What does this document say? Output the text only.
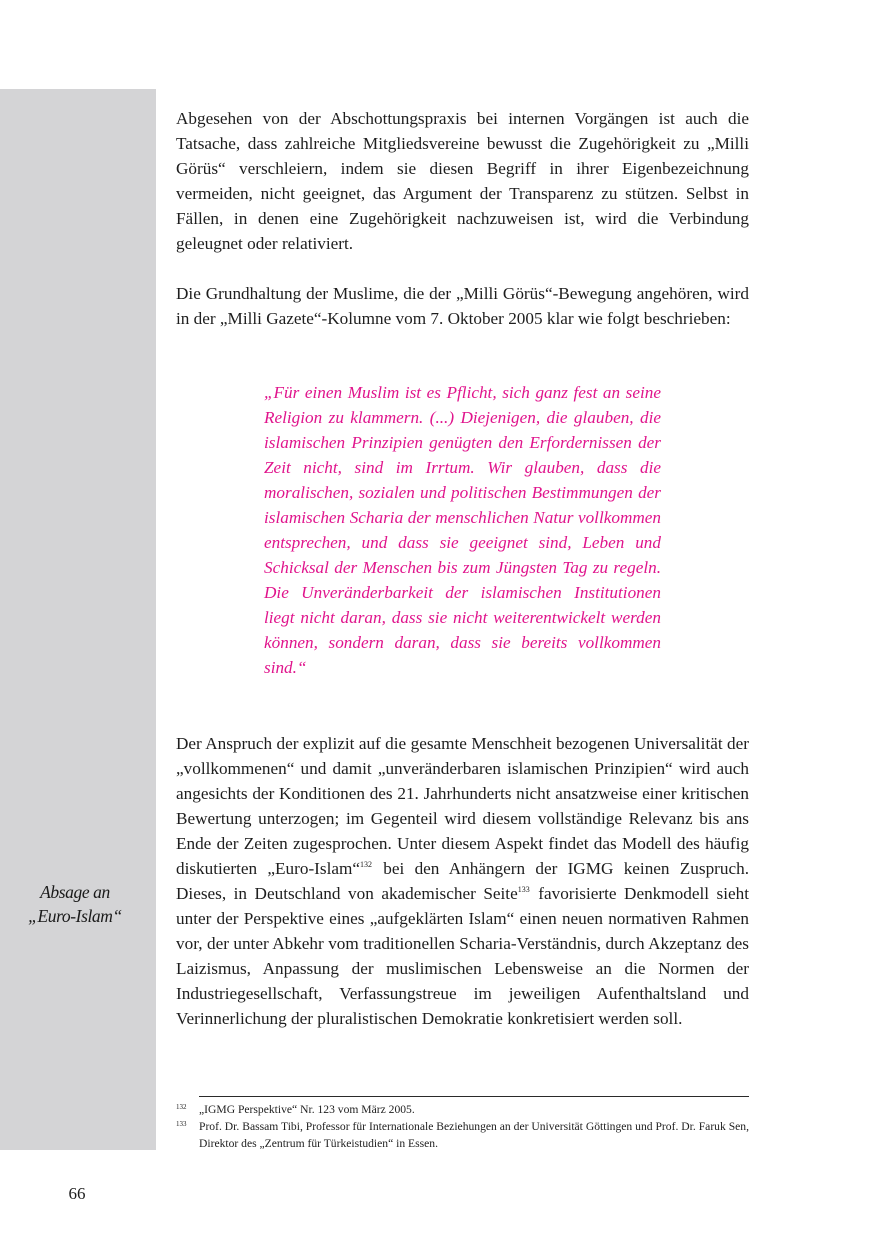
Absage an
„Euro-Islam“

Abgesehen von der Abschottungspraxis bei internen Vorgängen ist auch die Tatsache, dass zahlreiche Mitgliedsvereine bewusst die Zugehörigkeit zu „Milli Görüs“ verschleiern, indem sie diesen Begriff in ihrer Eigenbezeichnung vermeiden, nicht geeignet, das Argument der Transparenz zu stützen. Selbst in Fällen, in denen eine Zugehörigkeit nachzuweisen ist, wird die Verbindung geleugnet oder relativiert.

Die Grundhaltung der Muslime, die der „Milli Görüs“-Bewegung angehören, wird in der „Milli Gazete“-Kolumne vom 7. Oktober 2005 klar wie folgt beschrieben:

„Für einen Muslim ist es Pflicht, sich ganz fest an seine Religion zu klammern. (...) Diejenigen, die glauben, die islamischen Prinzipien genügten den Erfordernissen der Zeit nicht, sind im Irrtum. Wir glauben, dass die moralischen, sozialen und politischen Bestimmungen der islamischen Scharia der menschlichen Natur vollkommen entsprechen, und dass sie geeignet sind, Leben und Schicksal der Menschen bis zum Jüngsten Tag zu regeln. Die Unveränderbarkeit der islamischen Institutionen liegt nicht daran, dass sie nicht weiterentwickelt werden können, sondern daran, dass sie bereits vollkommen sind.“

Der Anspruch der explizit auf die gesamte Menschheit bezogenen Universalität der „vollkommenen“ und damit „unveränderbaren islamischen Prinzipien“ wird auch angesichts der Konditionen des 21. Jahrhunderts nicht ansatzweise einer kritischen Bewertung unterzogen; im Gegenteil wird diesem vollständige Relevanz bis ans Ende der Zeiten zugesprochen. Unter diesem Aspekt findet das Modell des häufig diskutierten „Euro-Islam“$^{132}$ bei den Anhängern der IGMG keinen Zuspruch. Dieses, in Deutschland von akademischer Seite$^{133}$ favorisierte Denkmodell sieht unter der Perspektive eines „aufgeklärten Islam“ einen neuen normativen Rahmen vor, der unter Abkehr vom traditionellen Scharia-Verständnis, durch Akzeptanz des Laizismus, Anpassung der muslimischen Lebensweise an die Normen der Industriegesellschaft, Verfassungstreue im jeweiligen Aufenthaltsland und Verinnerlichung der pluralistischen Demokratie konkretisiert werden soll.

132	„IGMG Perspektive“ Nr. 123 vom März 2005.
133	Prof. Dr. Bassam Tibi, Professor für Internationale Beziehungen an der Universität Göttingen und Prof. Dr. Faruk Sen, Direktor des „Zentrum für Türkeistudien“ in Essen.
66
